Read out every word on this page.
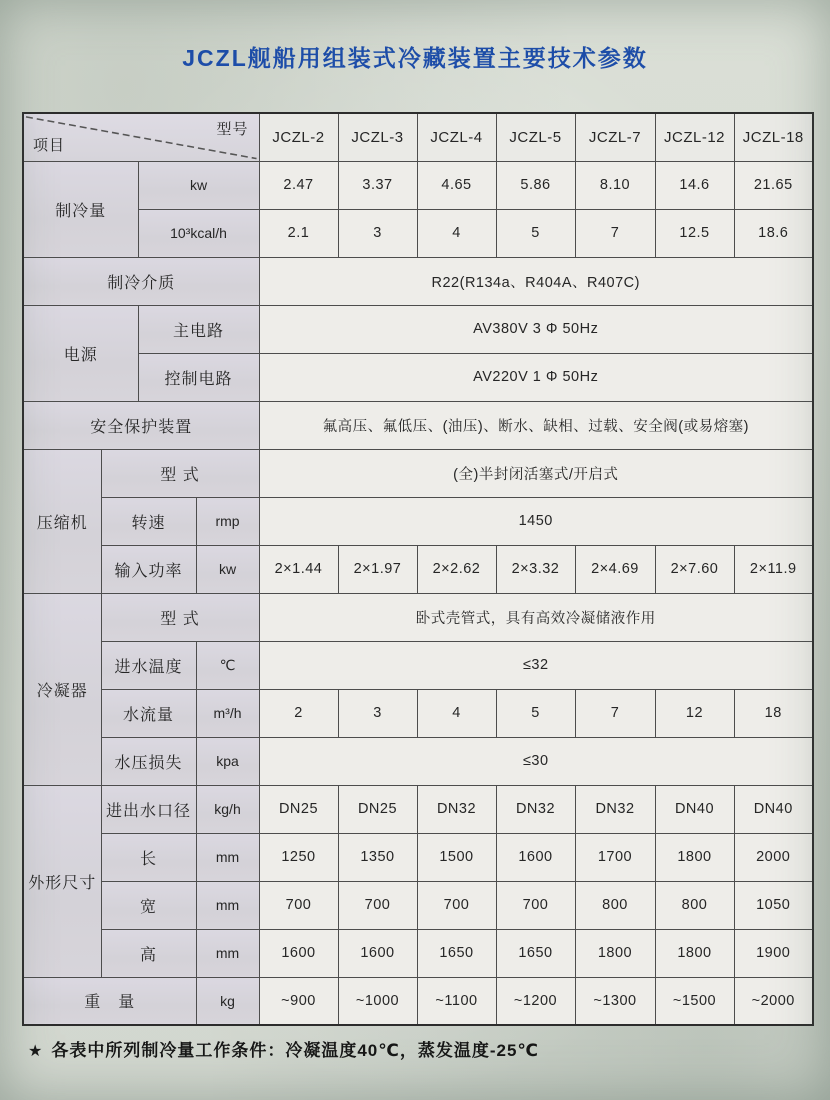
JCZL舰船用组装式冷藏装置主要技术参数
项目
型号				JCZL-2	JCZL-3	JCZL-4	JCZL-5	JCZL-7	JCZL-12	JCZL-18
制冷量		kw		2.47	3.37	4.65	5.86	8.10	14.6	21.65
		10³kcal/h		2.1	3	4	5	7	12.5	18.6
制冷介质				R22(R134a、R404A、R407C)						
电源		主电路		AV380V 3 Φ 50Hz						
		控制电路		AV220V 1 Φ 50Hz						
安全保护装置				氟高压、氟低压、(油压)、断水、缺相、过载、安全阀(或易熔塞)						
压缩机	型 式			(全)半封闭活塞式/开启式						
	转速		rmp	1450						
	输入功率		kw	2×1.44	2×1.97	2×2.62	2×3.32	2×4.69	2×7.60	2×11.9
冷凝器	型 式			卧式壳管式，具有高效冷凝储液作用						
	进水温度		℃	≤32						
	水流量		m³/h	2	3	4	5	7	12	18
	水压损失		kpa	≤30						
外形尺寸	进出水口径		kg/h	DN25	DN25	DN32	DN32	DN32	DN40	DN40
	长		mm	1250	1350	1500	1600	1700	1800	2000
	宽		mm	700	700	700	700	800	800	1050
	高		mm	1600	1600	1650	1650	1800	1800	1900
重　量			kg	~900	~1000	~1100	~1200	~1300	~1500	~2000
★ 各表中所列制冷量工作条件：冷凝温度40℃，蒸发温度-25℃
